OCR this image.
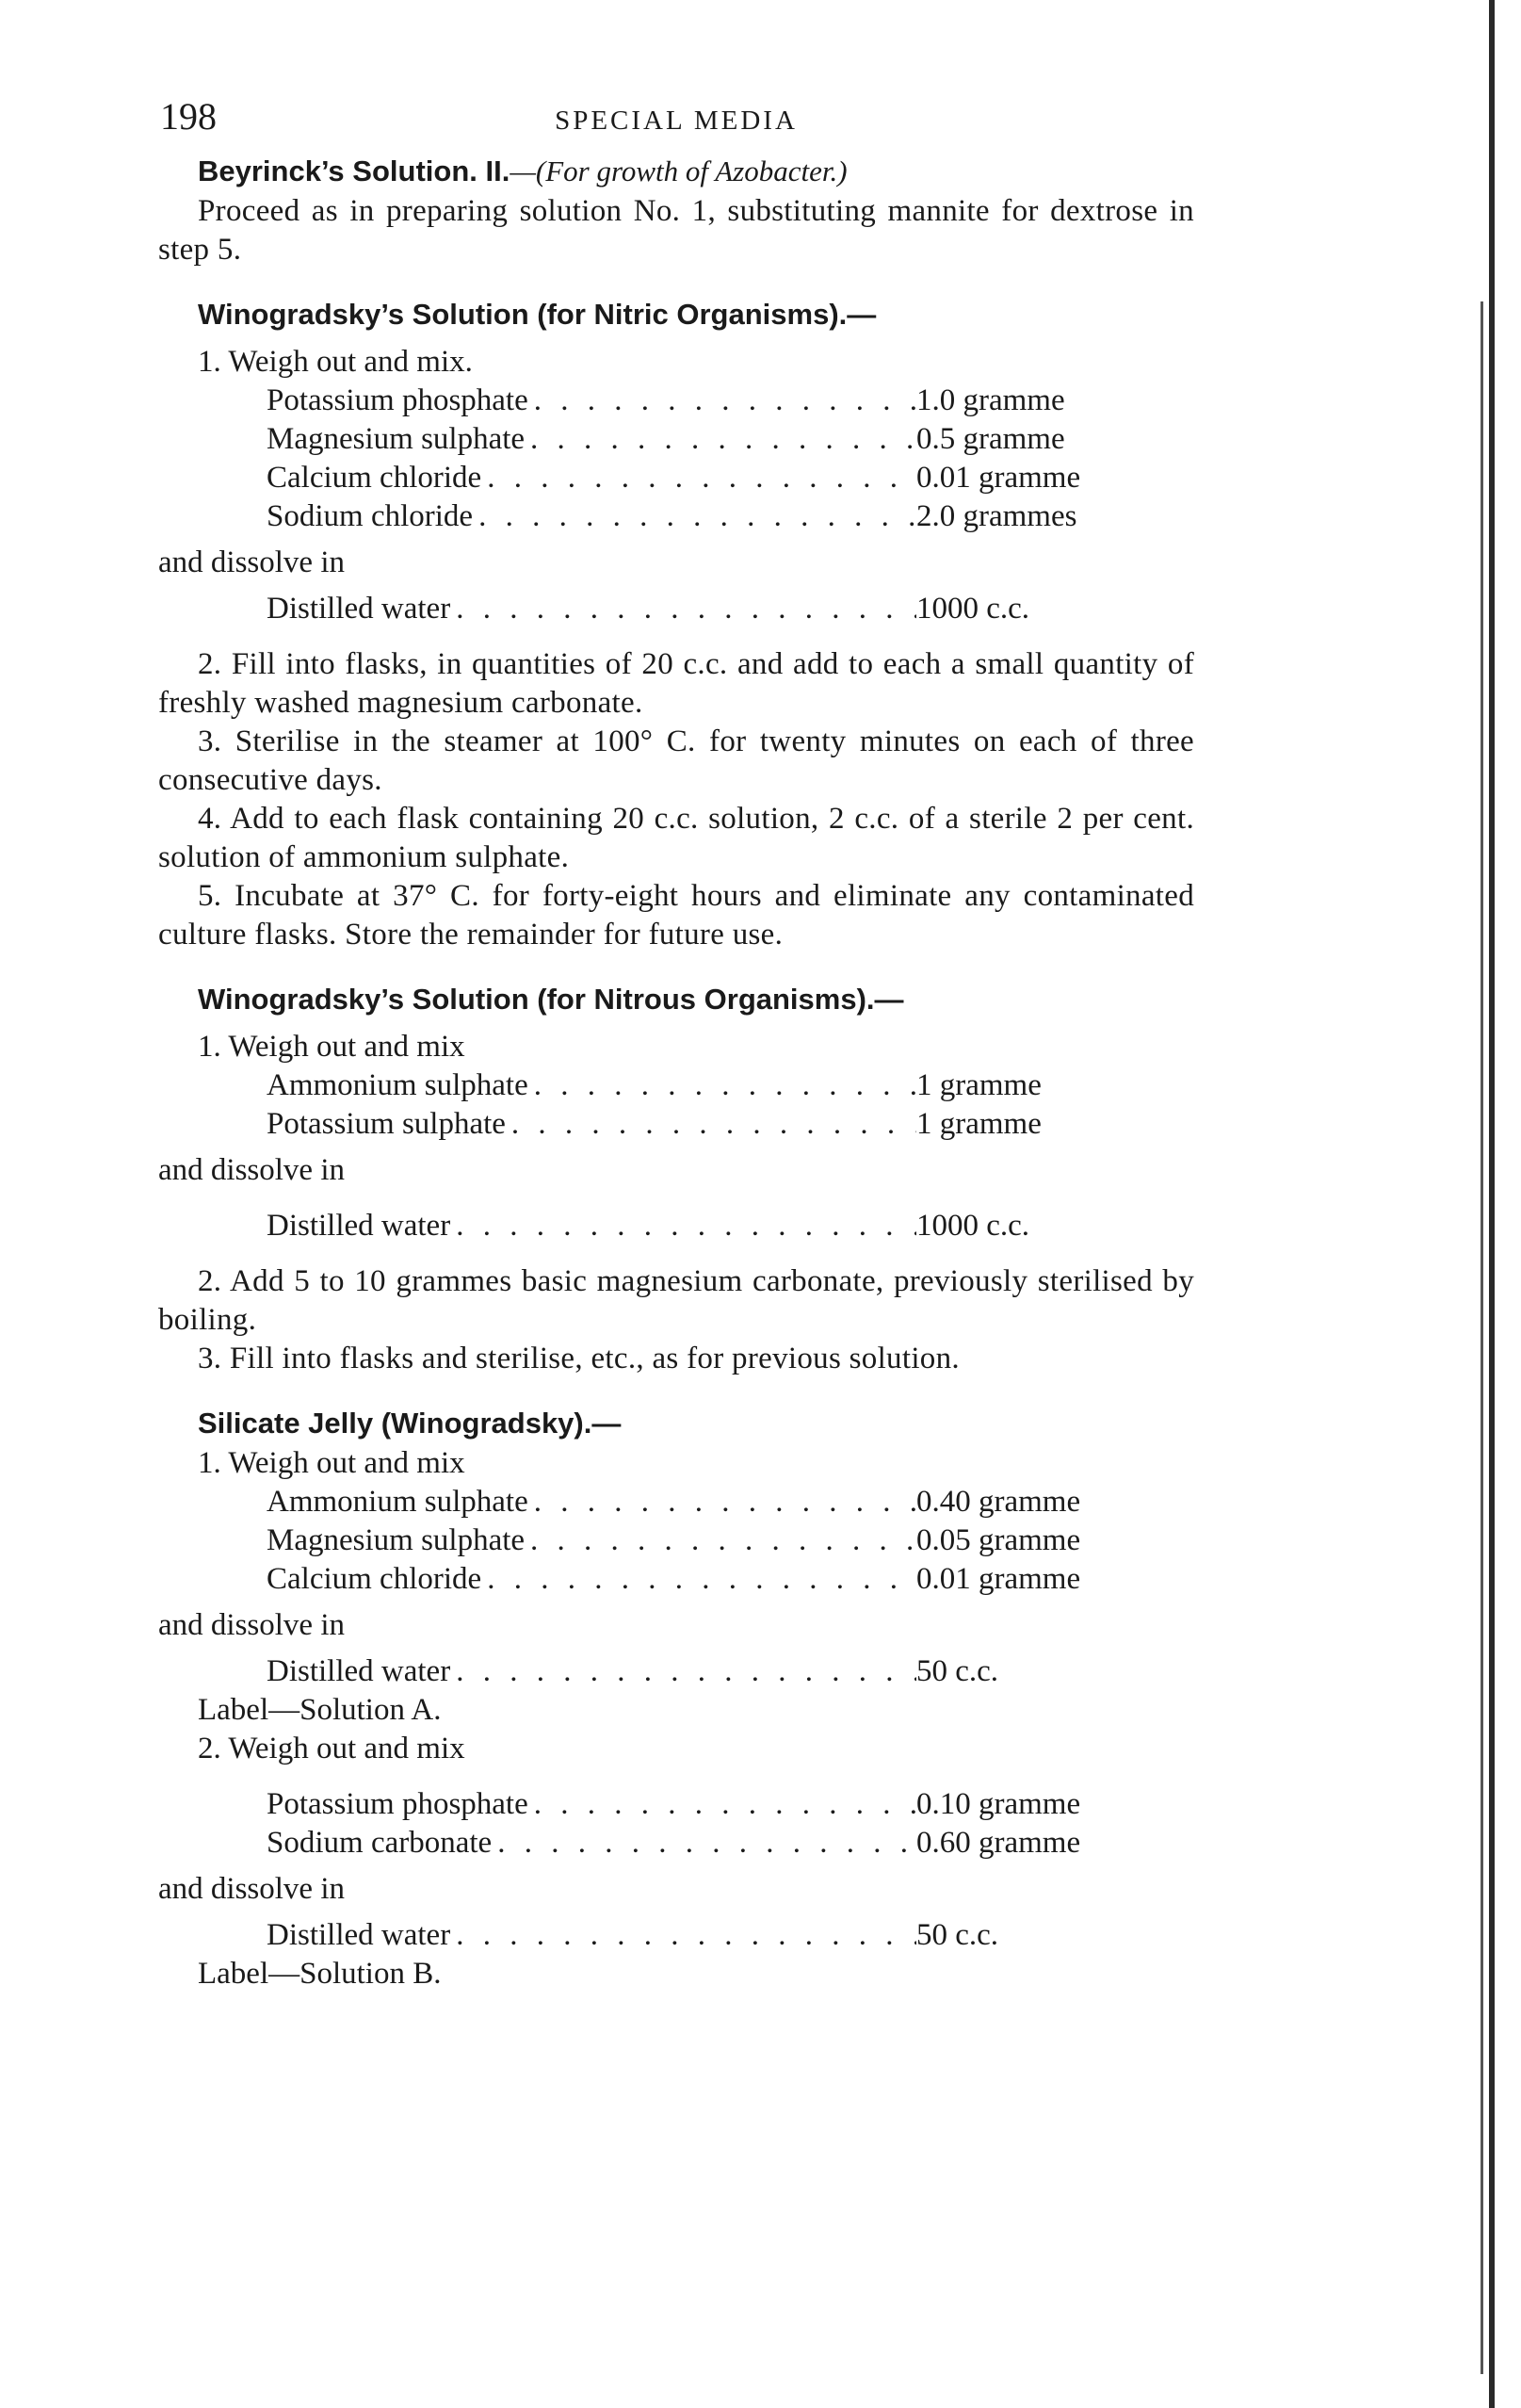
198	SPECIAL MEDIA
Beyrinck’s Solution. II.—(For growth of Azobacter.)

Proceed as in preparing solution No. 1, substituting mannite for dextrose in step 5.

Winogradsky’s Solution (for Nitric Organisms).—
1. Weigh out and mix.
Potassium phosphate . . .	1.0 gramme
Magnesium sulphate . . .	0.5 gramme
Calcium chloride . . .	0.01 gramme
Sodium chloride . . .	2.0 grammes
and dissolve in
Distilled water . . .	1000 c.c.

2. Fill into flasks, in quantities of 20 c.c. and add to each a small quantity of freshly washed magnesium carbonate.

3. Sterilise in the steamer at 100° C. for twenty minutes on each of three consecutive days.

4. Add to each flask containing 20 c.c. solution, 2 c.c. of a sterile 2 per cent. solution of ammonium sulphate.

5. Incubate at 37° C. for forty-eight hours and eliminate any contaminated culture flasks. Store the remainder for future use.

Winogradsky’s Solution (for Nitrous Organisms).—
1. Weigh out and mix
Ammonium sulphate . . .	1 gramme
Potassium sulphate . . .	1 gramme
and dissolve in
Distilled water . . .	1000 c.c.

2. Add 5 to 10 grammes basic magnesium carbonate, previously sterilised by boiling.

3. Fill into flasks and sterilise, etc., as for previous solution.

Silicate Jelly (Winogradsky).—
1. Weigh out and mix
Ammonium sulphate . . .	0.40 gramme
Magnesium sulphate . . .	0.05 gramme
Calcium chloride . . .	0.01 gramme
and dissolve in
Distilled water . . .	50 c.c.
Label—Solution A.
2. Weigh out and mix
Potassium phosphate . . .	0.10 gramme
Sodium carbonate . . .	0.60 gramme
and dissolve in
Distilled water . . .	50 c.c.
Label—Solution B.
